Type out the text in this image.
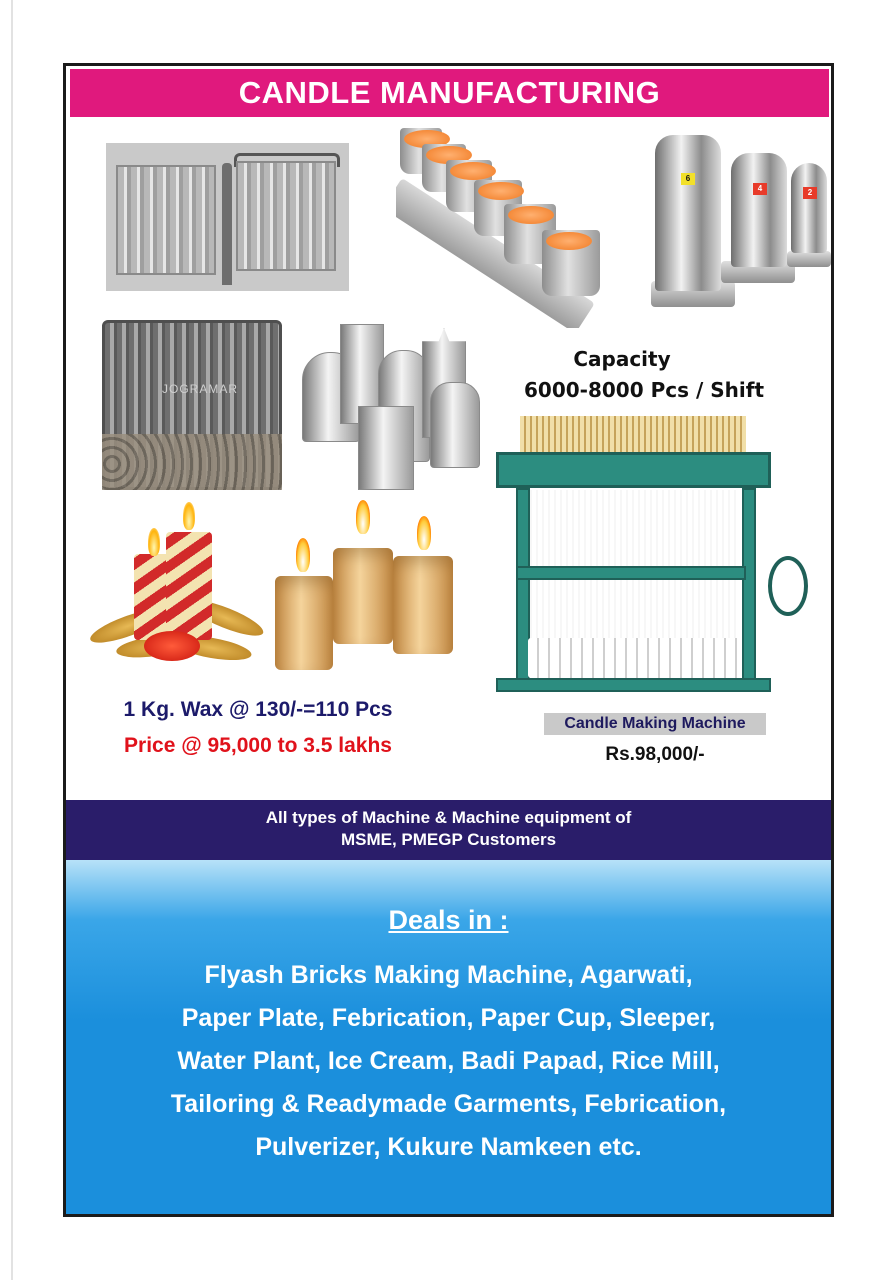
CANDLE MANUFACTURING
6
4	2
JOGRAMAR
Capacity
6000-8000 Pcs / Shift
1 Kg. Wax @ 130/-=110 Pcs
Price @ 95,000 to 3.5 lakhs
Candle Making Machine
Rs.98,000/-
All types of Machine & Machine equipment of
MSME, PMEGP Customers
Deals in :
Flyash Bricks Making Machine, Agarwati,
Paper Plate, Febrication, Paper Cup, Sleeper,
Water Plant, Ice Cream, Badi Papad, Rice Mill,
Tailoring & Readymade Garments, Febrication,
Pulverizer, Kukure Namkeen etc.
